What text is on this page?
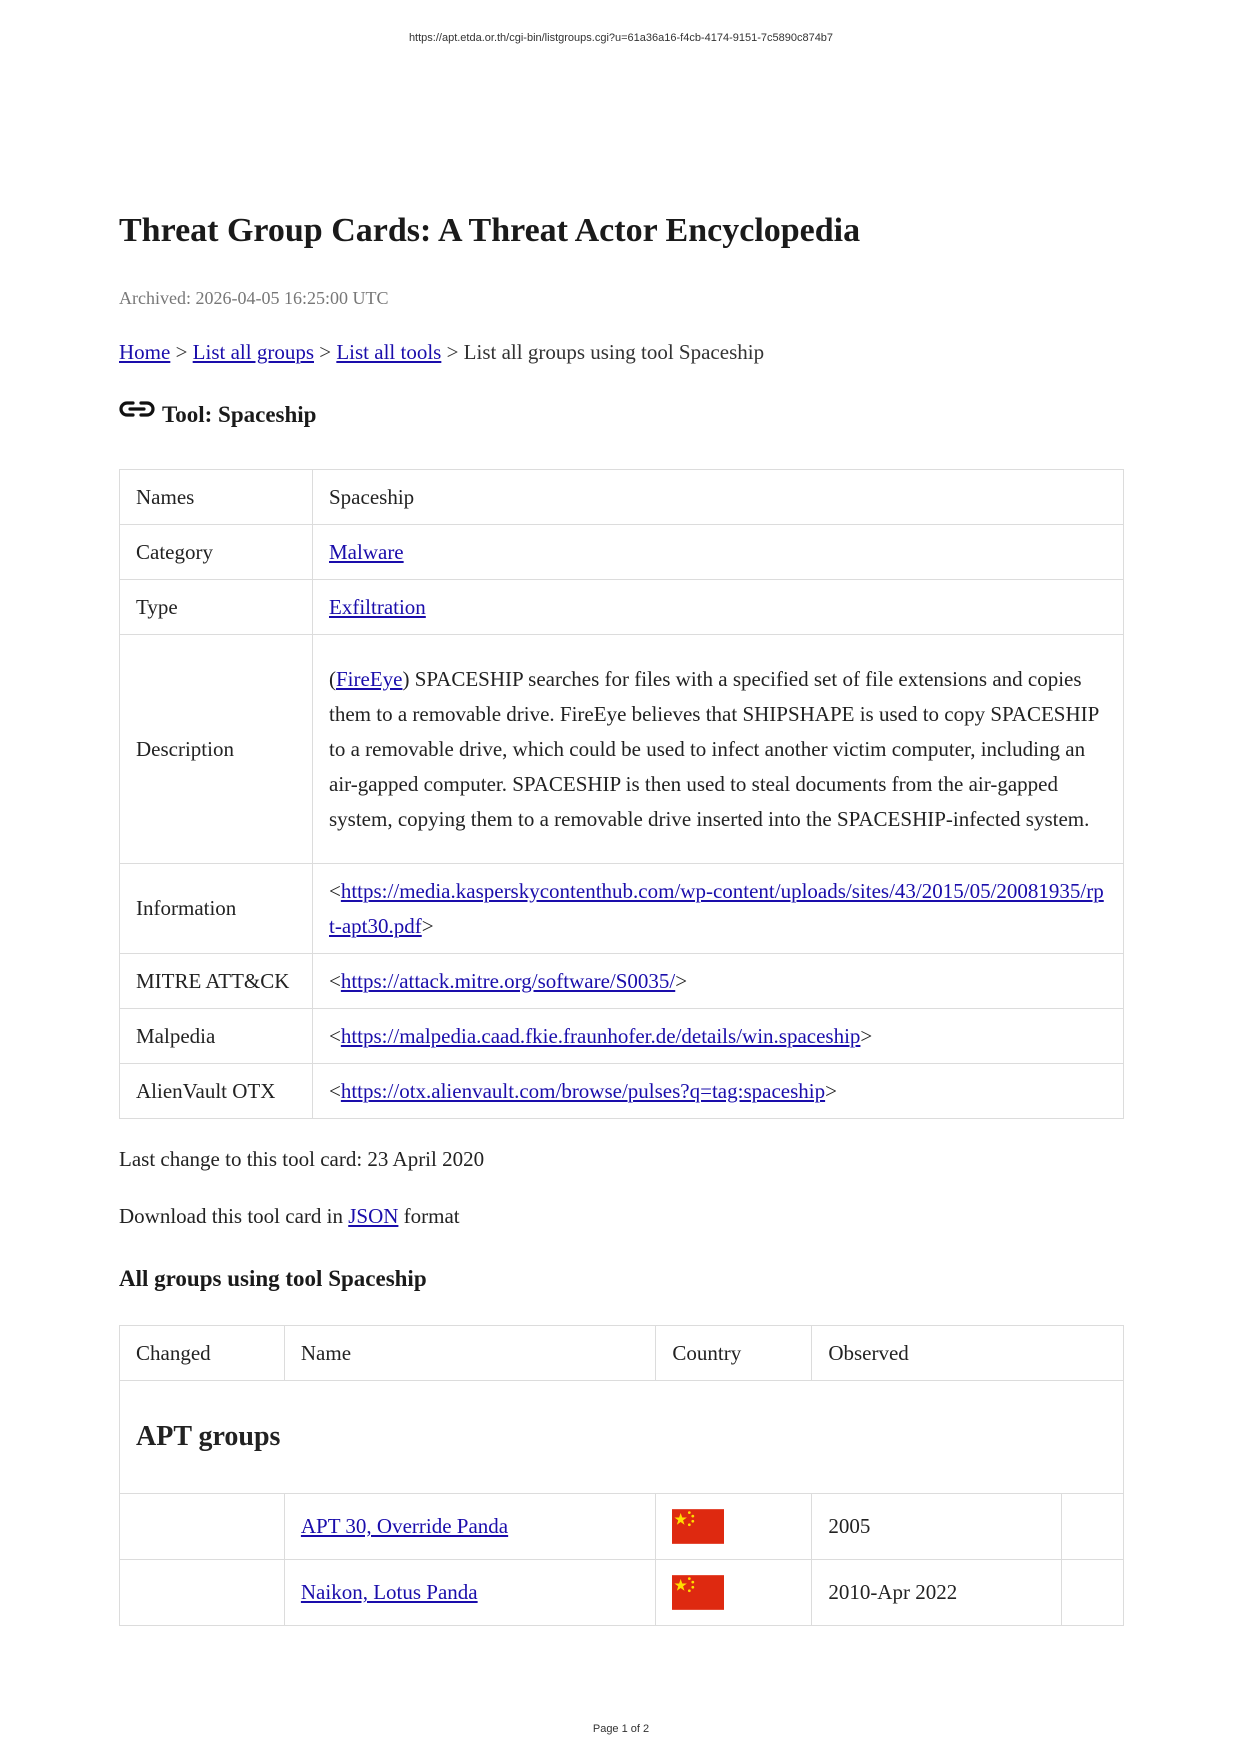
https://apt.etda.or.th/cgi-bin/listgroups.cgi?u=61a36a16-f4cb-4174-9151-7c5890c874b7
Threat Group Cards: A Threat Actor Encyclopedia
Archived: 2026-04-05 16:25:00 UTC
Home > List all groups > List all tools > List all groups using tool Spaceship
Tool: Spaceship
Names	Spaceship
Category	Malware
Type	Exfiltration
Description	(FireEye) SPACESHIP searches for files with a specified set of file extensions and copies them to a removable drive. FireEye believes that SHIPSHAPE is used to copy SPACESHIP to a removable drive, which could be used to infect another victim computer, including an air-gapped computer. SPACESHIP is then used to steal documents from the air-gapped system, copying them to a removable drive inserted into the SPACESHIP-infected system.
Information	<https://media.kasperskycontenthub.com/wp-content/uploads/sites/43/2015/05/20081935/rpt-apt30.pdf>
MITRE ATT&CK	<https://attack.mitre.org/software/S0035/>
Malpedia	<https://malpedia.caad.fkie.fraunhofer.de/details/win.spaceship>
AlienVault OTX	<https://otx.alienvault.com/browse/pulses?q=tag:spaceship>
Last change to this tool card: 23 April 2020
Download this tool card in JSON format
All groups using tool Spaceship
Changed	Name	Country	Observed	
APT groups				
	APT 30, Override Panda		2005	
	Naikon, Lotus Panda		2010-Apr 2022	
Page 1 of 2
